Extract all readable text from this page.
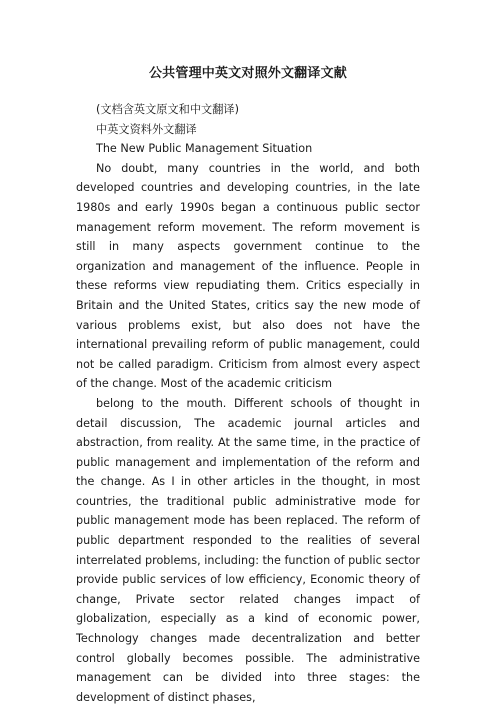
公共管理中英文对照外文翻译文献

(文档含英文原文和中文翻译)

中英文资料外文翻译

The New Public Management Situation

No doubt, many countries in the world, and both developed countries and developing countries, in the late 1980s and early 1990s began a continuous public sector management reform movement. The reform movement is still in many aspects government continue to the organization and management of the influence. People in these reforms view repudiating them. Critics especially in Britain and the United States, critics say the new mode of various problems exist, but also does not have the international prevailing reform of public management, could not be called paradigm. Criticism from almost every aspect of the change. Most of the academic criticism

belong to the mouth. Different schools of thought in detail discussion, The academic journal articles and abstraction, from reality. At the same time, in the practice of public management and implementation of the reform and the change. As I in other articles in the thought, in most countries, the traditional public administrative mode for public management mode has been replaced. The reform of public department responded to the realities of several interrelated problems, including: the function of public sector provide public services of low efficiency, Economic theory of change, Private sector related changes impact of globalization, especially as a kind of economic power, Technology changes made decentralization and better control globally becomes possible. The administrative management can be divided into three stages: the development of distinct phases,
